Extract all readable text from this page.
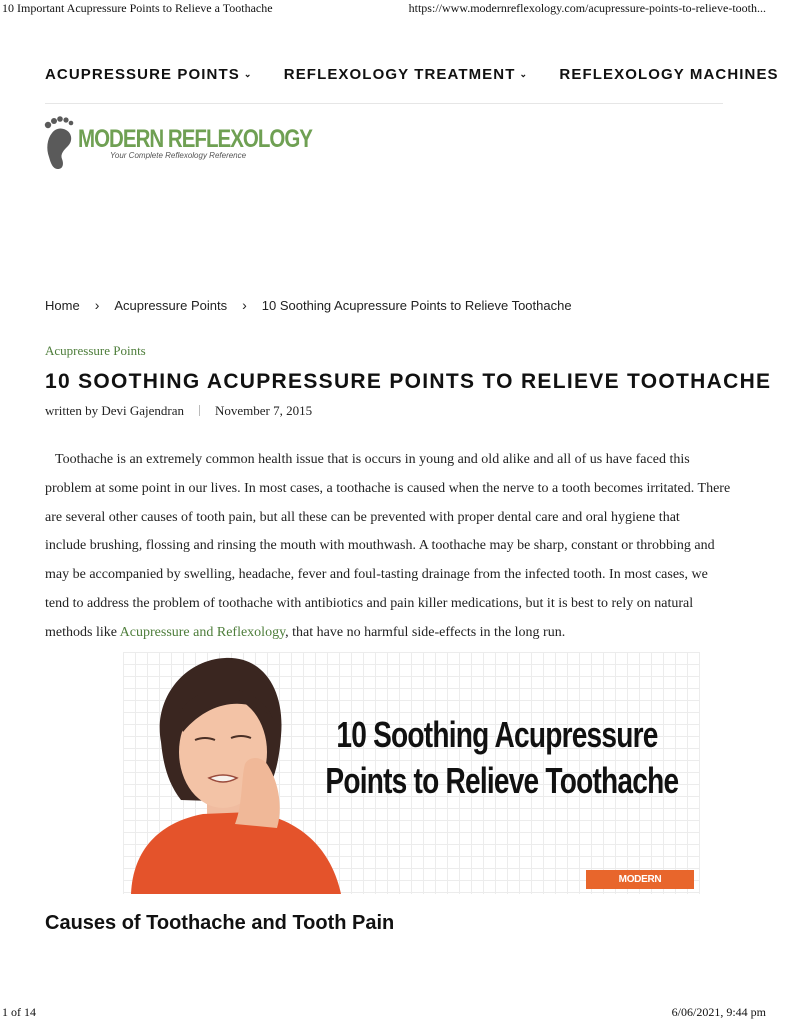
10 Important Acupressure Points to Relieve a Toothache	https://www.modernreflexology.com/acupressure-points-to-relieve-tooth...
ACUPRESSURE POINTS ⌄ REFLEXOLOGY TREATMENT ⌄ REFLEXOLOGY MACHINES
MODERN REFLEXOLOGY
Your Complete Reflexology Reference
Home › Acupressure Points › 10 Soothing Acupressure Points to Relieve Toothache
Acupressure Points
10 SOOTHING ACUPRESSURE POINTS TO RELIEVE TOOTHACHE
written by Devi Gajendran November 7, 2015
Toothache is an extremely common health issue that is occurs in young and old alike and all of us have faced this
problem at some point in our lives. In most cases, a toothache is caused when the nerve to a tooth becomes irritated. There
are several other causes of tooth pain, but all these can be prevented with proper dental care and oral hygiene that
include brushing, flossing and rinsing the mouth with mouthwash. A toothache may be sharp, constant or throbbing and
may be accompanied by swelling, headache, fever and foul-tasting drainage from the infected tooth. In most cases, we
tend to address the problem of toothache with antibiotics and pain killer medications, but it is best to rely on natural
methods like Acupressure and Reflexology, that have no harmful side-effects in the long run.
10 Soothing Acupressure
Points to Relieve Toothache
MODERN REFLEXOLOGY
Causes of Toothache and Tooth Pain
1 of 14	6/06/2021, 9:44 pm
